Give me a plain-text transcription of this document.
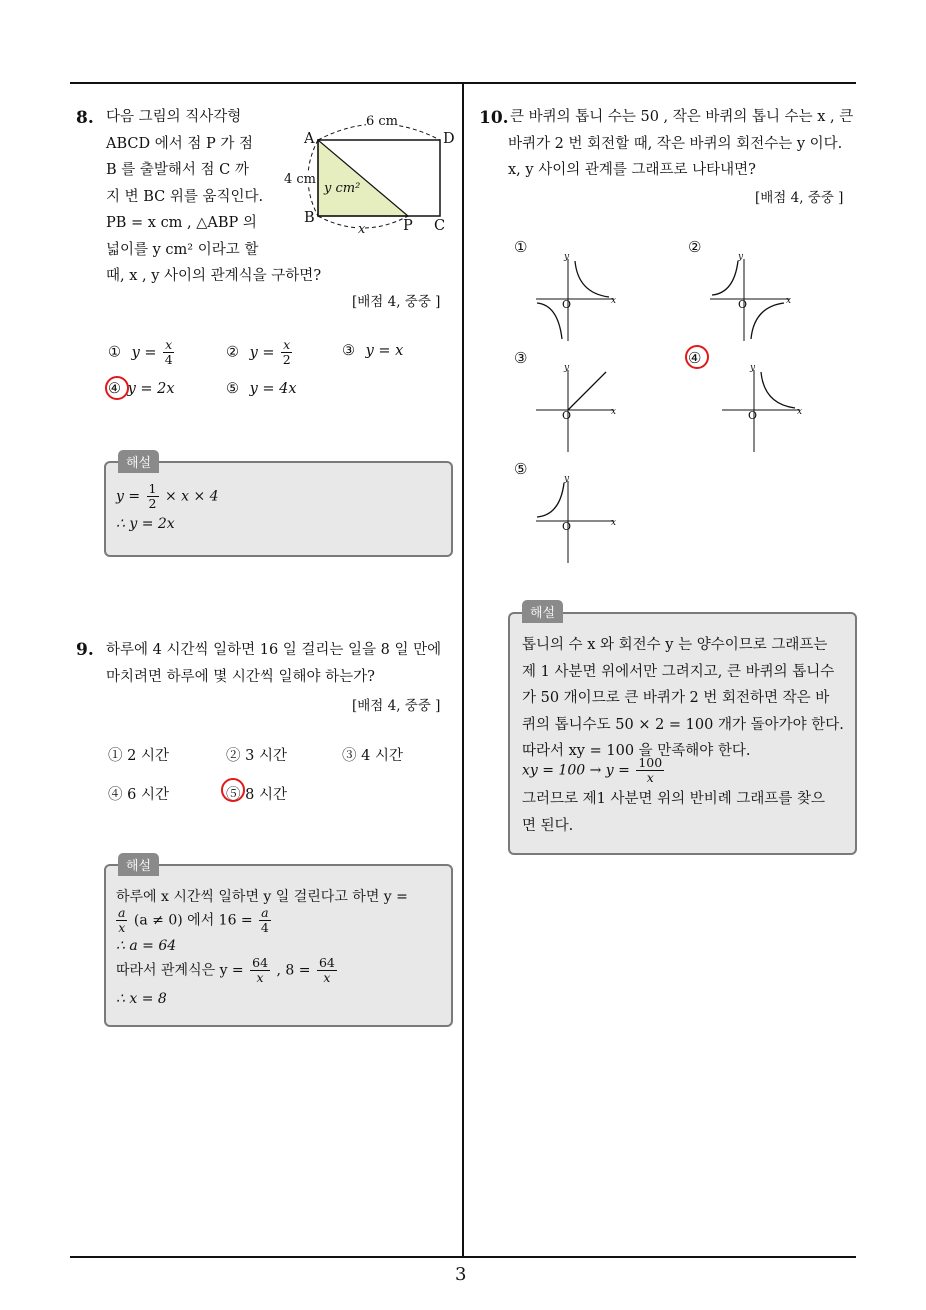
3
8. 다음 그림의 직사각형
ABCD 에서 점 P 가 점
B 를 출발해서 점 C 까
지 변 BC 위를 움직인다.
PB = x cm , △ABP 의
넓이를 y cm² 이라고 할
때, x , y 사이의 관계식을 구하면?
6 cm
4 cm
y cm²
x
A	D
B	P C
[배점 4, 중중 ]
① $y = \frac{x}{4}$	② $y = \frac{x}{2}$	③ y = x
④ y = 2x	⑤ y = 4x
해설
$y = \frac{1}{2} \times x \times 4$
∴ y = 2x
9. 하루에 4 시간씩 일하면 16 일 걸리는 일을 8 일 만에
마치려면 하루에 몇 시간씩 일해야 하는가?
[배점 4, 중중 ]
① 2 시간	② 3 시간	③ 4 시간
④ 6 시간	⑤ 8 시간
해설
하루에 x 시간씩 일하면 y 일 걸린다고 하면 y =
$\frac{a}{x} (a \ne 0)$ 에서 $16 = \frac{a}{4}$
∴ a = 64
따라서 관계식은 $y = \frac{64}{x}$ , $8 = \frac{64}{x}$
∴ x = 8
10. 큰 바퀴의 톱니 수는 50 , 작은 바퀴의 톱니 수는 x , 큰
바퀴가 2 번 회전할 때, 작은 바퀴의 회전수는 y 이다.
x, y 사이의 관계를 그래프로 나타내면?
[배점 4, 중중 ]
①	②
③	④
⑤
y
x
O
y
x
O
y
x
O
y
x
O
y
x
O
해설
톱니의 수 x 와 회전수 y 는 양수이므로 그래프는
제 1 사분면 위에서만 그려지고, 큰 바퀴의 톱니수
가 50 개이므로 큰 바퀴가 2 번 회전하면 작은 바
퀴의 톱니수도 50 × 2 = 100 개가 돌아가야 한다.
따라서 xy = 100 을 만족해야 한다.
xy = $100 \to y = \frac{100}{x}$
그러므로 제1 사분면 위의 반비례 그래프를 찾으
면 된다.
